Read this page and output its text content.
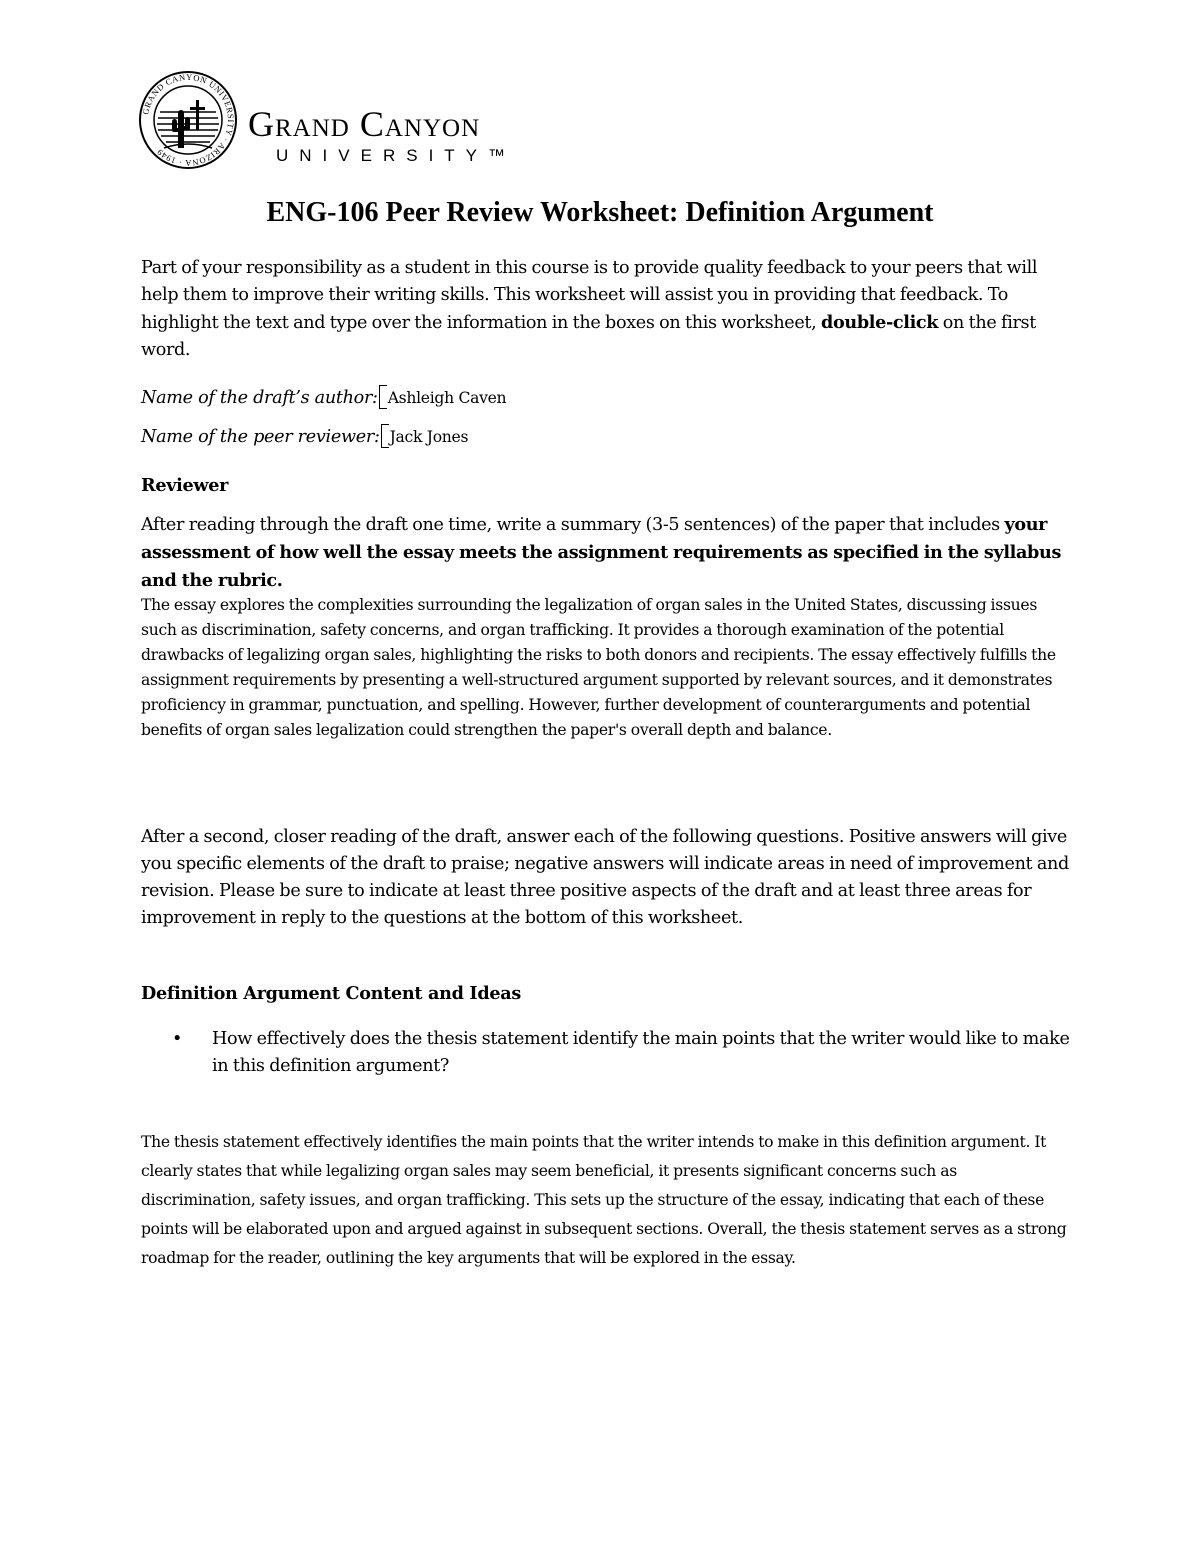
GRAND CANYON UNIVERSITY · ARIZONA · 1949
Grand Canyon
UNIVERSITY™
ENG-106 Peer Review Worksheet: Definition Argument

Part of your responsibility as a student in this course is to provide quality feedback to your peers that will help them to improve their writing skills. This worksheet will assist you in providing that feedback. To highlight the text and type over the information in the boxes on this worksheet, double-click on the first word.

Name of the draft’s author: Ashleigh Caven
Name of the peer reviewer: Jack Jones
Reviewer

After reading through the draft one time, write a summary (3-5 sentences) of the paper that includes your assessment of how well the essay meets the assignment requirements as specified in the syllabus and the rubric.

The essay explores the complexities surrounding the legalization of organ sales in the United States, discussing issues such as discrimination, safety concerns, and organ trafficking. It provides a thorough examination of the potential drawbacks of legalizing organ sales, highlighting the risks to both donors and recipients. The essay effectively fulfills the assignment requirements by presenting a well-structured argument supported by relevant sources, and it demonstrates proficiency in grammar, punctuation, and spelling. However, further development of counterarguments and potential benefits of organ sales legalization could strengthen the paper's overall depth and balance.

After a second, closer reading of the draft, answer each of the following questions. Positive answers will give you specific elements of the draft to praise; negative answers will indicate areas in need of improvement and revision. Please be sure to indicate at least three positive aspects of the draft and at least three areas for improvement in reply to the questions at the bottom of this worksheet.

Definition Argument Content and Ideas
•	How effectively does the thesis statement identify the main points that the writer would like to make in this definition argument?

The thesis statement effectively identifies the main points that the writer intends to make in this definition argument. It clearly states that while legalizing organ sales may seem beneficial, it presents significant concerns such as discrimination, safety issues, and organ trafficking. This sets up the structure of the essay, indicating that each of these points will be elaborated upon and argued against in subsequent sections. Overall, the thesis statement serves as a strong roadmap for the reader, outlining the key arguments that will be explored in the essay.
